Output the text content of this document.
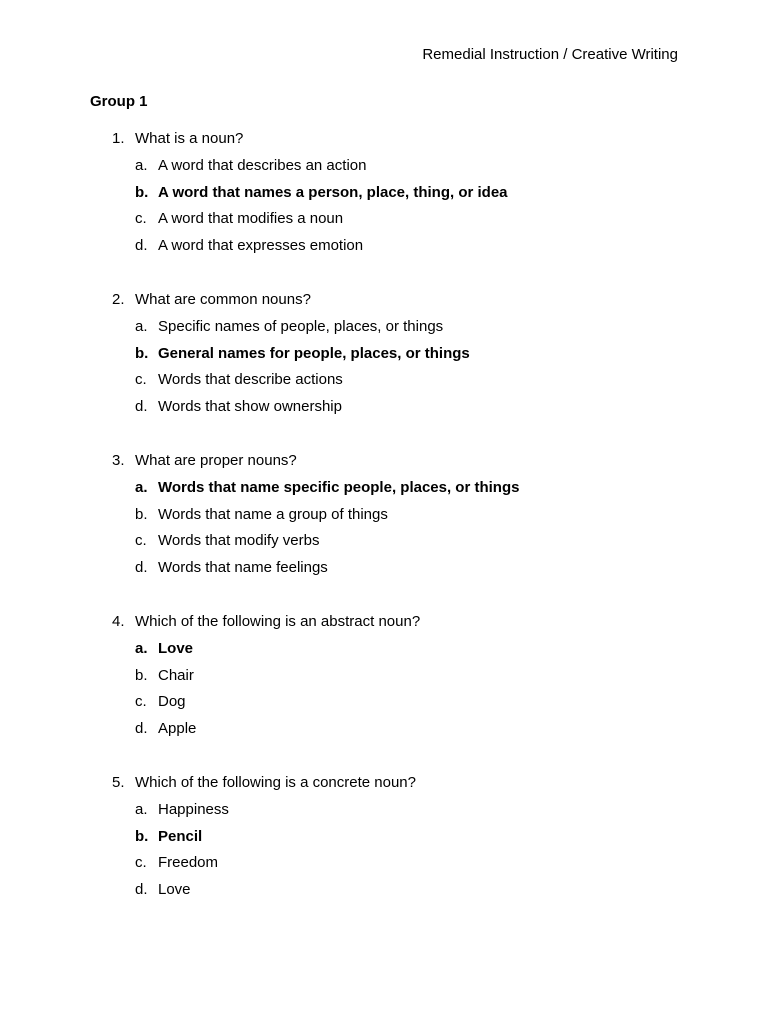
Remedial Instruction / Creative Writing
Group 1
1. What is a noun?
a. A word that describes an action
b. A word that names a person, place, thing, or idea
c. A word that modifies a noun
d. A word that expresses emotion
2. What are common nouns?
a. Specific names of people, places, or things
b. General names for people, places, or things
c. Words that describe actions
d. Words that show ownership
3. What are proper nouns?
a. Words that name specific people, places, or things
b. Words that name a group of things
c. Words that modify verbs
d. Words that name feelings
4. Which of the following is an abstract noun?
a. Love
b. Chair
c. Dog
d. Apple
5. Which of the following is a concrete noun?
a. Happiness
b. Pencil
c. Freedom
d. Love
